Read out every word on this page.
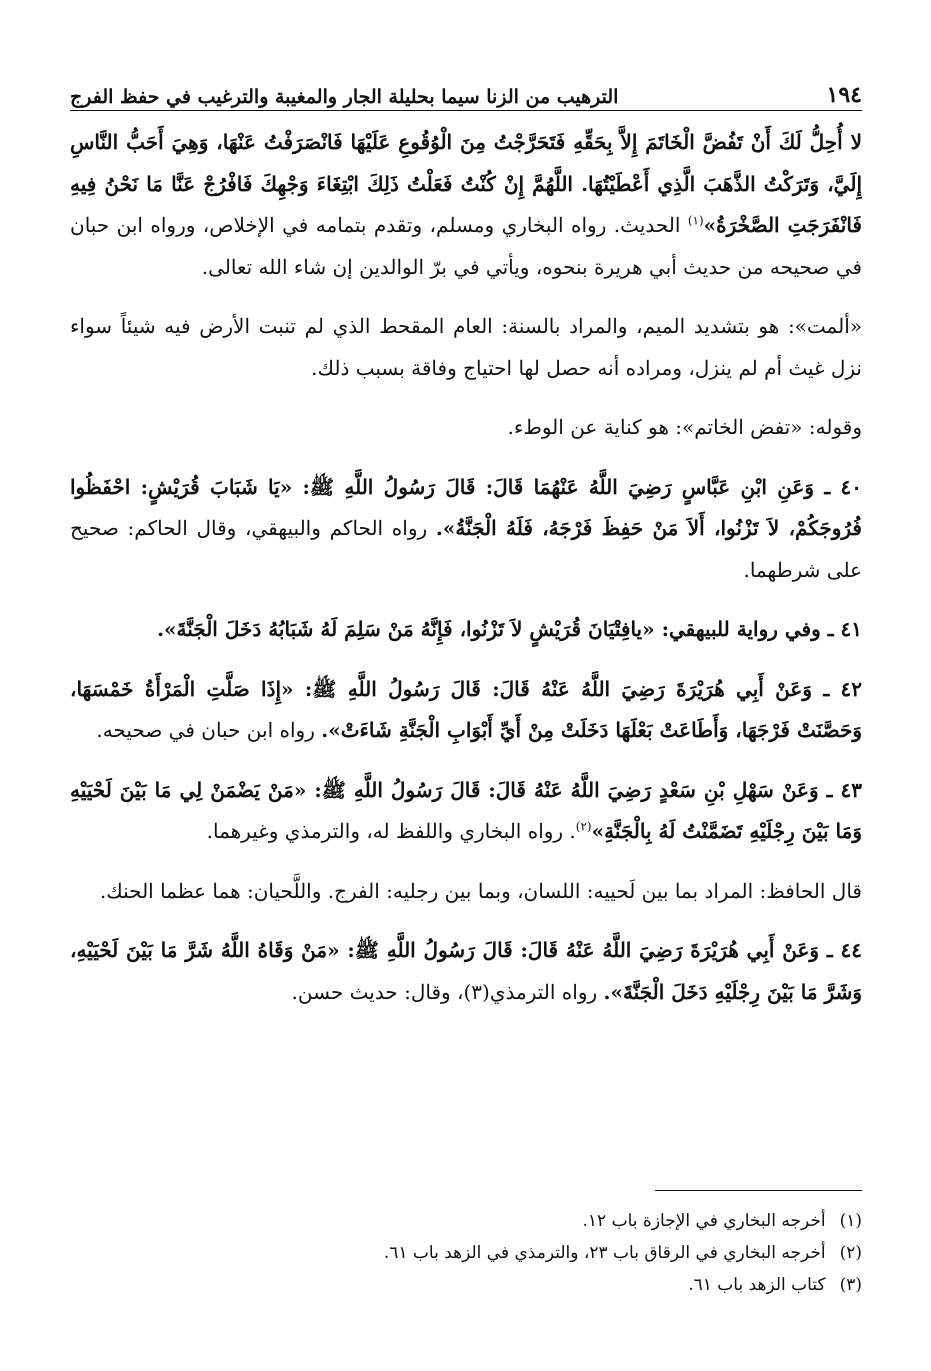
١٩٤
الترهيب من الزنا سيما بحليلة الجار والمغيبة والترغيب في حفظ الفرج

لا أُحِلُّ لَكَ أَنْ تَفُضَّ الْخَاتَمَ إِلاَّ بِحَقِّهِ فَتَحَرَّجْتُ مِنَ الْوُقُوعِ عَلَيْهَا فَانْصَرَفْتُ عَنْهَا، وَهِيَ أَحَبُّ النَّاسِ إِلَيَّ، وَتَرَكْتُ الذَّهَبَ الَّذِي أَعْطَيْتُهَا. اللَّهُمَّ إِنْ كُنْتُ فَعَلْتُ ذَلِكَ ابْتِغَاءَ وَجْهِكَ فَافْرُجْ عَنَّا مَا نَحْنُ فِيهِ فَانْفَرَجَتِ الصَّخْرَةُ»$^{(١)}$ الحديث. رواه البخاري ومسلم، وتقدم بتمامه في الإخلاص، ورواه ابن حبان في صحيحه من حديث أبي هريرة بنحوه، ويأتي في برّ الوالدين إن شاء الله تعالى.

«ألمت»: هو بتشديد الميم، والمراد بالسنة: العام المقحط الذي لم تنبت الأرض فيه شيئاً سواء نزل غيث أم لم ينزل، ومراده أنه حصل لها احتياج وفاقة بسبب ذلك.

وقوله: «تفض الخاتم»: هو كناية عن الوطء.

٤٠ ـ وَعَنِ ابْنِ عَبَّاسٍ رَضِيَ اللَّهُ عَنْهُمَا قَالَ: قَالَ رَسُولُ اللَّهِ ﷺ: «يَا شَبَابَ قُرَيْشٍ: احْفَظُوا فُرُوجَكُمْ، لاَ تَزْنُوا، أَلاَ مَنْ حَفِظَ فَرْجَهُ، فَلَهُ الْجَنَّةُ». رواه الحاكم والبيهقي، وقال الحاكم: صحيح على شرطهما.

٤١ ـ وفي رواية للبيهقي: «يافِتْيَانَ قُرَيْشٍ لاَ تَزْنُوا، فَإِنَّهُ مَنْ سَلِمَ لَهُ شَبَابُهُ دَخَلَ الْجَنَّةَ».

٤٢ ـ وَعَنْ أَبِي هُرَيْرَةَ رَضِيَ اللَّهُ عَنْهُ قَالَ: قَالَ رَسُولُ اللَّهِ ﷺ: «إِذَا صَلَّتِ الْمَرْأَةُ خَمْسَهَا، وَحَصَّنَتْ فَرْجَهَا، وَأَطَاعَتْ بَعْلَهَا دَخَلَتْ مِنْ أَيِّ أَبْوَابِ الْجَنَّةِ شَاءَتْ». رواه ابن حبان في صحيحه.

٤٣ ـ وَعَنْ سَهْلِ بْنِ سَعْدٍ رَضِيَ اللَّهُ عَنْهُ قَالَ: قَالَ رَسُولُ اللَّهِ ﷺ: «مَنْ يَضْمَنْ لِي مَا بَيْنَ لَحْيَيْهِ وَمَا بَيْنَ رِجْلَيْهِ تَضَمَّنْتُ لَهُ بِالْجَنَّةِ»$^{(٢)}$. رواه البخاري واللفظ له، والترمذي وغيرهما.

قال الحافظ: المراد بما بين لَحييه: اللسان، وبما بين رجليه: الفرج. واللَّحيان: هما عظما الحنك.

٤٤ ـ وَعَنْ أَبِي هُرَيْرَةَ رَضِيَ اللَّهُ عَنْهُ قَالَ: قَالَ رَسُولُ اللَّهِ ﷺ: «مَنْ وَقَاهُ اللَّهُ شَرَّ مَا بَيْنَ لَحْيَيْهِ، وَشَرَّ مَا بَيْنَ رِجْلَيْهِ دَخَلَ الْجَنَّةَ». رواه الترمذي(٣)، وقال: حديث حسن.

(١)
أخرجه البخاري في الإجازة باب ١٢.
(٢)
أخرجه البخاري في الرقاق باب ٢٣، والترمذي في الزهد باب ٦١.
(٣)
كتاب الزهد باب ٦١.
